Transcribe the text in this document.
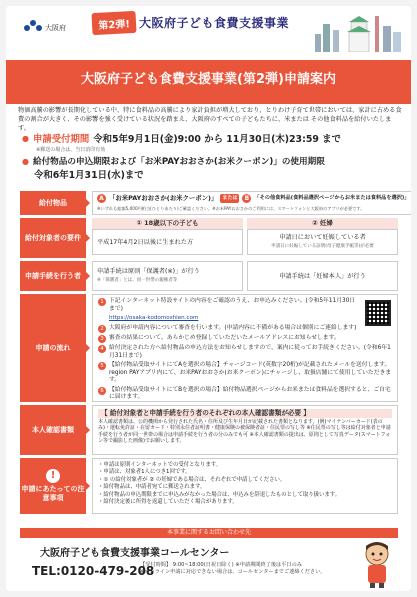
大阪府	第2弾! 大阪府子ども食費支援事業
大阪府子ども食費支援事業(第2弾)申請案内
物価高騰の影響が長期化している中、特に食料品の高騰により家計負担が増大しており、とりわけ子育て世帯においては、家計に占める食費の割合が大きく、その影響を強く受けている状況を踏まえ、大阪府のすべての子どもたちに、米または その他食料品を給付いたします。
● 申請受付期間 令和5年9月1日(金)9:00 から 11月30日(木)23:59 まで
※郵送の場合は、当日消印有効
● 給付物品の申込期限および「お米PAYおおさか(お米クーポン)」の使用期限
令和6年1月31日(水)まで
給付物品	A 「お米PAYおおさか(お米クーポン)」	または	B	「その他食料品(食料品選択ページからお米または食料品を選択)」
※いずれも総額5,000円相当(ひとりあたり)ご確認ください。※お米PAYおおさかのご利用には、スマートフォンと大阪府のアプリが必要です。
給付対象者の要件
① 18歳以下の子ども
平成17年4月2日以後に生まれた方
② 妊婦
申請日において妊娠している者
申請日に妊娠している証明(母子健康手帳等)が必要
申請手続を行う者	申請手続は原則「保護者(※)」が行う
※「保護者」とは、同一世帯の親権者等
申請手続は「妊婦本人」が行う
申請の流れ
1 下記インターネット特設サイトの内容をご確認のうえ、お申込みください。(令和5年11月30日まで)
https://osaka-kodomoshien.com
2 大阪府が申請内容について審査を行います。(申請内容に不備がある場合は個別にご連絡します)
3 審査の結果について、あらかじめ登録していただいたメールアドレスにお知らせします。
4 給付決定された方へ給付物品の申込方法をお知らせしますので、案内に従ってお手続きください。(令和6年1月31日まで)
5 【給付物品受取サイトにてAを選択の場合】チャージコード(英数字20桁)が記載されたメールを送付します。region PAYアプリ内にて、お米PAYおおさか(お米クーポン)にチャージし、取扱店舗にて使用していただきます。
6 【給付物品受取サイトにてBを選択の場合】給付物品選択ページからお米または食料品を選択すると、ご自宅に届けます。
本人確認書類
【 給付対象者と申請手続を行う者のそれぞれの本人確認書類が必要 】
本人確認書類は、公的機関から発行された氏名・住所及び生年月日が記載された書類となります。(例)マイナンバーカード(表のみ)・運転免許証・在留カード・特別永住者証明書・健康保険の被保険者証・住民票の写し等 ※住民票の写し等は給付対象者と申請手続を行う者が同一世帯の場合は申請手続を行う者の分のみでも可 ※本人確認書類の提出は、原則として写真データ(スマートフォン等で撮影した画像)でお願いします。
!
申請にあたっての注意事項
・申請は原則インターネットでの受付となります。
・申請は、対象者1人につき1回です。
・① の給付対象者が ② の妊婦である場合は、それぞれで申請してください。
・給付物品は、申請者宛てに郵送されます。
・給付物品の申込期限までに申込みがなかった場合は、申込みを辞退したものとして取り扱います。
・給付決定後に所得を返還していただく場合があります。
本事業に関するお問い合わせ先
大阪府子ども食費支援事業コールセンター
TEL:0120-479-208
【受付時間】 9:00~18:00(日祝日除く) ※申請期間終了後は平日のみ
※オンライン申請に対応できない場合は、コールセンターまでご連絡ください。
